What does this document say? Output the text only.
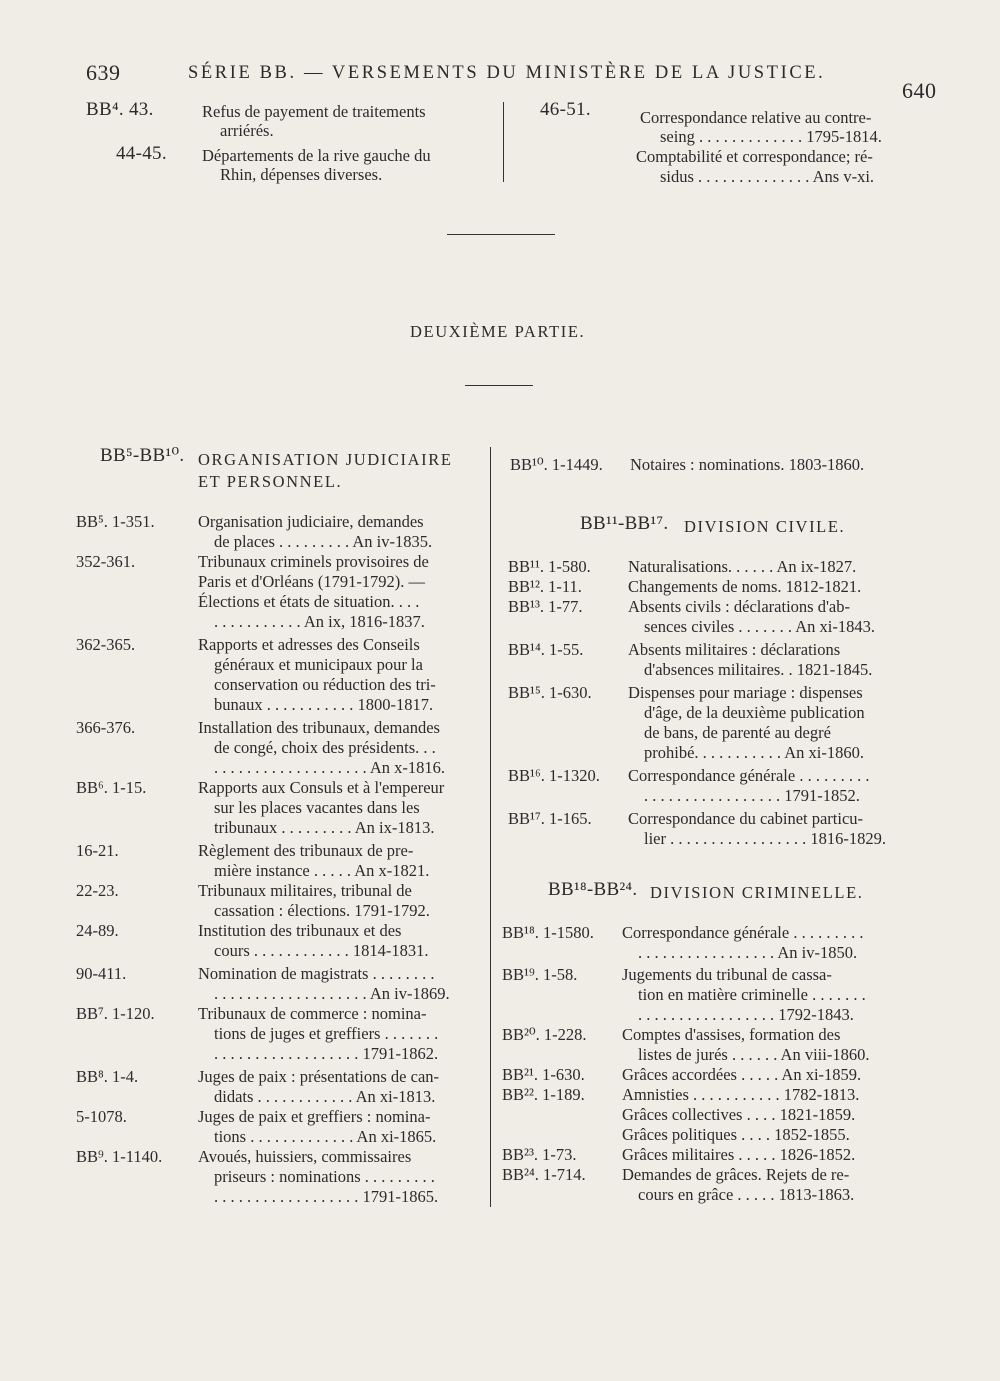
639	SÉRIE BB. — VERSEMENTS DU MINISTÈRE DE LA JUSTICE.
640
BB⁴. 43.	Refus de payement de traitements
arriérés.
44-45. Départements de la rive gauche du
Rhin, dépenses diverses.
46-51.	Correspondance relative au contre-
seing . . . . . . . . . . . . . 1795-1814.
Comptabilité et correspondance; ré-
sidus . . . . . . . . . . . . . . Ans v-xi.
DEUXIÈME PARTIE.
BB⁵-BB¹⁰. ORGANISATION JUDICIAIRE
ET PERSONNEL.
BB⁵. 1-351.	Organisation judiciaire, demandes
de places . . . . . . . . . An iv-1835.
352-361.	Tribunaux criminels provisoires de
Paris et d'Orléans (1791-1792). —
Élections et états de situation. . . .
. . . . . . . . . . . An ix, 1816-1837.
362-365.	Rapports et adresses des Conseils
généraux et municipaux pour la
conservation ou réduction des tri-
bunaux . . . . . . . . . . . 1800-1817.
366-376.	Installation des tribunaux, demandes
de congé, choix des présidents. . .
. . . . . . . . . . . . . . . . . . . An x-1816.
BB⁶. 1-15.	Rapports aux Consuls et à l'empereur
sur les places vacantes dans les
tribunaux . . . . . . . . . An ix-1813.
16-21.	Règlement des tribunaux de pre-
mière instance . . . . . An x-1821.
22-23.	Tribunaux militaires, tribunal de
cassation : élections. 1791-1792.
24-89.	Institution des tribunaux et des
cours . . . . . . . . . . . . 1814-1831.
90-411.	Nomination de magistrats . . . . . . . .
. . . . . . . . . . . . . . . . . . . An iv-1869.
BB⁷. 1-120.	Tribunaux de commerce : nomina-
tions de juges et greffiers . . . . . . .
. . . . . . . . . . . . . . . . . . 1791-1862.
BB⁸. 1-4.	Juges de paix : présentations de can-
didats . . . . . . . . . . . . An xi-1813.
5-1078.	Juges de paix et greffiers : nomina-
tions . . . . . . . . . . . . . An xi-1865.
BB⁹. 1-1140. Avoués, huissiers, commissaires
priseurs : nominations . . . . . . . . .
. . . . . . . . . . . . . . . . . . 1791-1865.
BB¹⁰. 1-1449. Notaires : nominations. 1803-1860.
BB¹¹-BB¹⁷. DIVISION CIVILE.
BB¹¹. 1-580. Naturalisations. . . . . . An ix-1827.
BB¹². 1-11.	Changements de noms. 1812-1821.
BB¹³. 1-77.	Absents civils : déclarations d'ab-
sences civiles . . . . . . . An xi-1843.
BB¹⁴. 1-55.	Absents militaires : déclarations
d'absences militaires. . 1821-1845.
BB¹⁵. 1-630. Dispenses pour mariage : dispenses
d'âge, de la deuxième publication
de bans, de parenté au degré
prohibé. . . . . . . . . . . An xi-1860.
BB¹⁶. 1-1320. Correspondance générale . . . . . . . . .
. . . . . . . . . . . . . . . . . 1791-1852.
BB¹⁷. 1-165. Correspondance du cabinet particu-
lier . . . . . . . . . . . . . . . . . 1816-1829.
BB¹⁸-BB²⁴. DIVISION CRIMINELLE.
BB¹⁸. 1-1580. Correspondance générale . . . . . . . . .
. . . . . . . . . . . . . . . . . An iv-1850.
BB¹⁹. 1-58.	Jugements du tribunal de cassa-
tion en matière criminelle . . . . . . .
. . . . . . . . . . . . . . . . . 1792-1843.
BB²⁰. 1-228. Comptes d'assises, formation des
listes de jurés . . . . . . An viii-1860.
BB²¹. 1-630. Grâces accordées . . . . . An xi-1859.
BB²². 1-189. Amnisties . . . . . . . . . . . 1782-1813.
Grâces collectives . . . . 1821-1859.
Grâces politiques . . . . 1852-1855.
BB²³. 1-73.	Grâces militaires . . . . . 1826-1852.
BB²⁴. 1-714. Demandes de grâces. Rejets de re-
cours en grâce . . . . . 1813-1863.
